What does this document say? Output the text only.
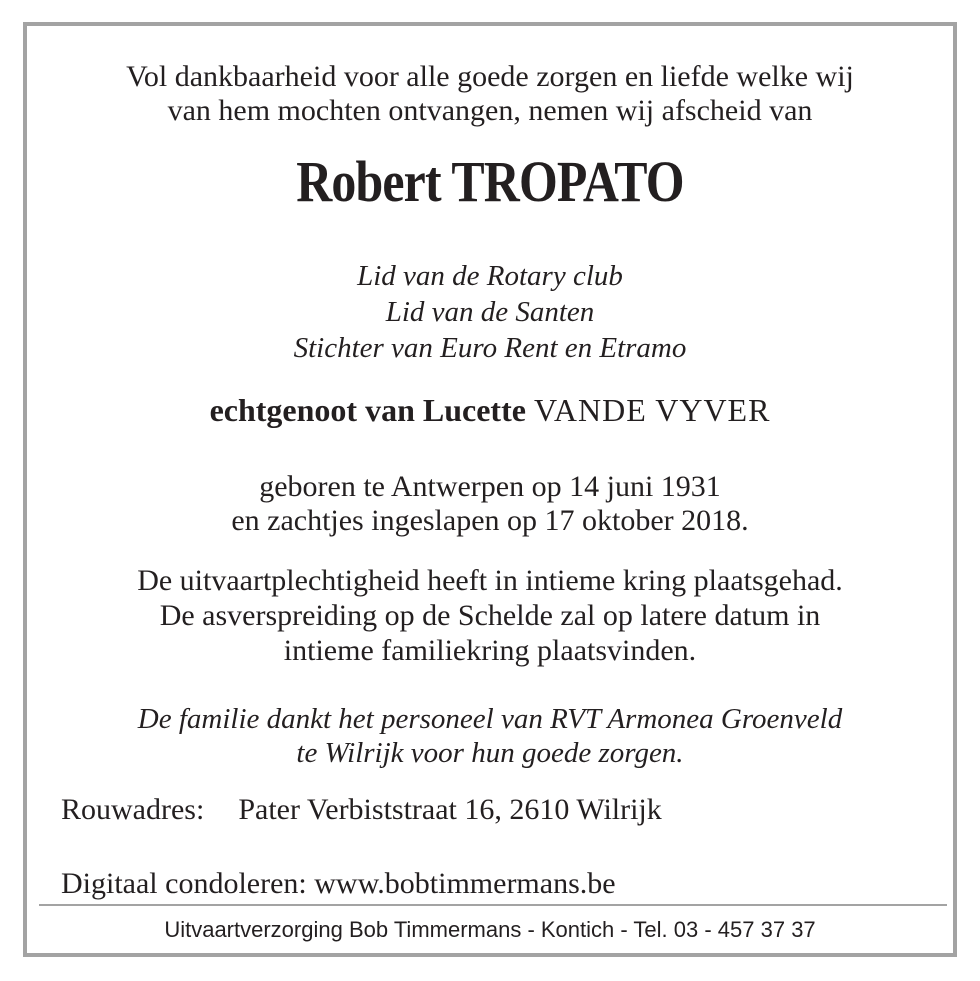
Vol dankbaarheid voor alle goede zorgen en liefde welke wij
van hem mochten ontvangen, nemen wij afscheid van
Robert TROPATO
Lid van de Rotary club
Lid van de Santen
Stichter van Euro Rent en Etramo
echtgenoot van Lucette VANDE VYVER
geboren te Antwerpen op 14 juni 1931
en zachtjes ingeslapen op 17 oktober 2018.
De uitvaartplechtigheid heeft in intieme kring plaatsgehad.
De asverspreiding op de Schelde zal op latere datum in
intieme familiekring plaatsvinden.
De familie dankt het personeel van RVT Armonea Groenveld
te Wilrijk voor hun goede zorgen.
Rouwadres: Pater Verbiststraat 16, 2610 Wilrijk
Digitaal condoleren: www.bobtimmermans.be
Uitvaartverzorging Bob Timmermans - Kontich - Tel. 03 - 457 37 37
